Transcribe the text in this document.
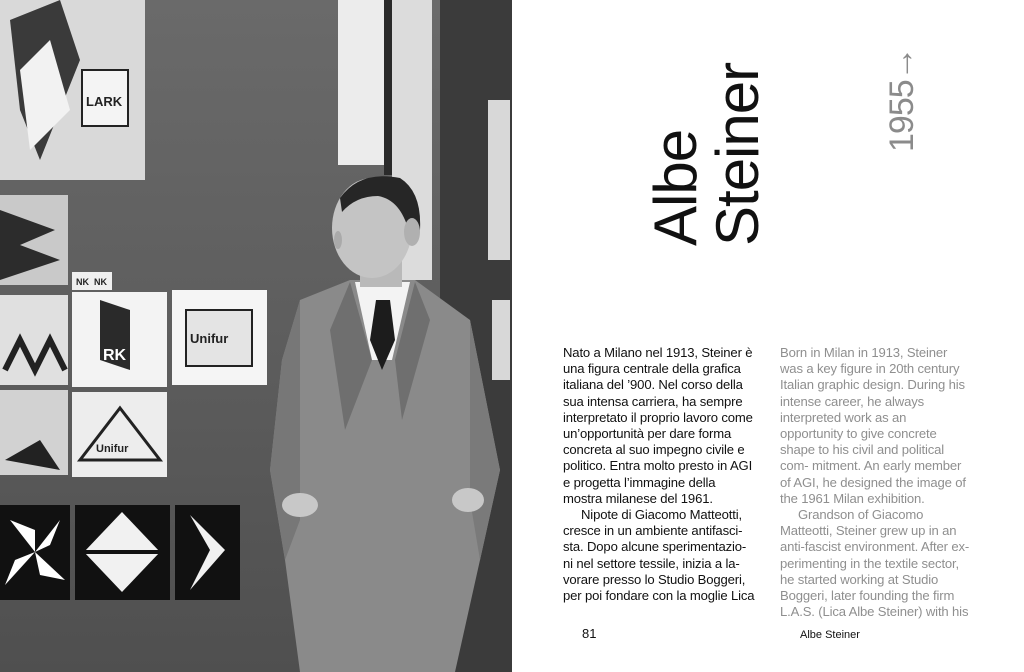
LARK
NK NK
RK
Unifur
Unifur
Albe
Steiner	1955→

Nato a Milano nel 1913, Steiner è una figura centrale della grafica italiana del ’900. Nel corso della sua intensa carriera, ha sempre interpretato il proprio lavoro come un’opportunità per dare forma concreta al suo impegno civile e politico. Entra molto presto in AGI e progetta l’immagine della mostra milanese del 1961.

Nipote di Giacomo Matteotti, cresce in un ambiente antifasci- sta. Dopo alcune sperimentazio- ni nel settore tessile, inizia a la- vorare presso lo Studio Boggeri, per poi fondare con la moglie Lica

Born in Milan in 1913, Steiner was a key figure in 20th century Italian graphic design. During his intense career, he always interpreted work as an opportunity to give concrete shape to his civil and political com- mitment. An early member of AGI, he designed the image of the 1961 Milan exhibition.

Grandson of Giacomo Matteotti, Steiner grew up in an anti-fascist environment. After ex- perimenting in the textile sector, he started working at Studio Boggeri, later founding the firm L.A.S. (Lica Albe Steiner) with his

81	Albe Steiner
